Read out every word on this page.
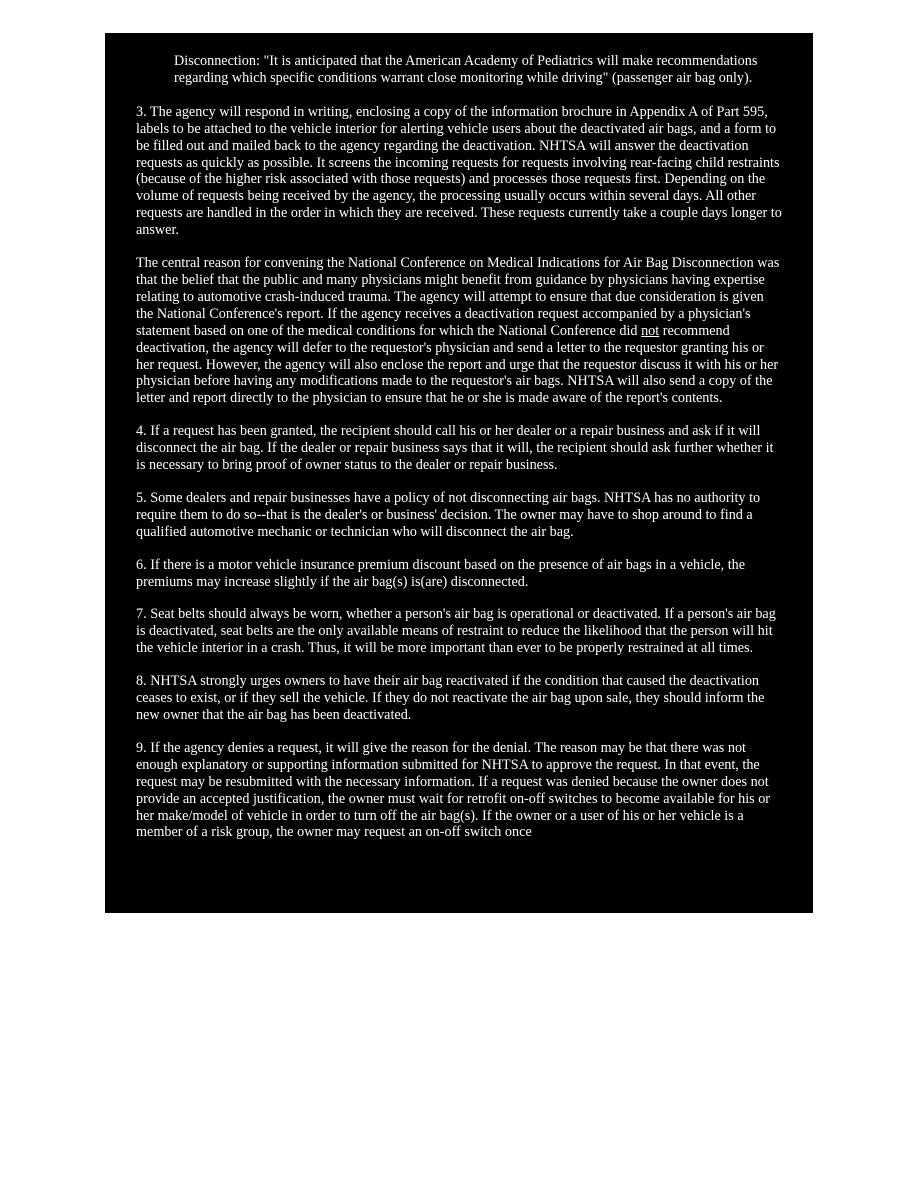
Disconnection: "It is anticipated that the American Academy of Pediatrics will make recommendations regarding which specific conditions warrant close monitoring while driving" (passenger air bag only).

3. The agency will respond in writing, enclosing a copy of the information brochure in Appendix A of Part 595, labels to be attached to the vehicle interior for alerting vehicle users about the deactivated air bags, and a form to be filled out and mailed back to the agency regarding the deactivation. NHTSA will answer the deactivation requests as quickly as possible. It screens the incoming requests for requests involving rear-facing child restraints (because of the higher risk associated with those requests) and processes those requests first. Depending on the volume of requests being received by the agency, the processing usually occurs within several days. All other requests are handled in the order in which they are received. These requests currently take a couple days longer to answer.

The central reason for convening the National Conference on Medical Indications for Air Bag Disconnection was that the belief that the public and many physicians might benefit from guidance by physicians having expertise relating to automotive crash-induced trauma. The agency will attempt to ensure that due consideration is given the National Conference's report. If the agency receives a deactivation request accompanied by a physician's statement based on one of the medical conditions for which the National Conference did not recommend deactivation, the agency will defer to the requestor's physician and send a letter to the requestor granting his or her request. However, the agency will also enclose the report and urge that the requestor discuss it with his or her physician before having any modifications made to the requestor's air bags. NHTSA will also send a copy of the letter and report directly to the physician to ensure that he or she is made aware of the report's contents.

4. If a request has been granted, the recipient should call his or her dealer or a repair business and ask if it will disconnect the air bag. If the dealer or repair business says that it will, the recipient should ask further whether it is necessary to bring proof of owner status to the dealer or repair business.

5. Some dealers and repair businesses have a policy of not disconnecting air bags. NHTSA has no authority to require them to do so--that is the dealer's or business' decision. The owner may have to shop around to find a qualified automotive mechanic or technician who will disconnect the air bag.

6. If there is a motor vehicle insurance premium discount based on the presence of air bags in a vehicle, the premiums may increase slightly if the air bag(s) is(are) disconnected.

7. Seat belts should always be worn, whether a person's air bag is operational or deactivated. If a person's air bag is deactivated, seat belts are the only available means of restraint to reduce the likelihood that the person will hit the vehicle interior in a crash. Thus, it will be more important than ever to be properly restrained at all times.

8. NHTSA strongly urges owners to have their air bag reactivated if the condition that caused the deactivation ceases to exist, or if they sell the vehicle. If they do not reactivate the air bag upon sale, they should inform the new owner that the air bag has been deactivated.

9. If the agency denies a request, it will give the reason for the denial. The reason may be that there was not enough explanatory or supporting information submitted for NHTSA to approve the request. In that event, the request may be resubmitted with the necessary information. If a request was denied because the owner does not provide an accepted justification, the owner must wait for retrofit on-off switches to become available for his or her make/model of vehicle in order to turn off the air bag(s). If the owner or a user of his or her vehicle is a member of a risk group, the owner may request an on-off switch once
